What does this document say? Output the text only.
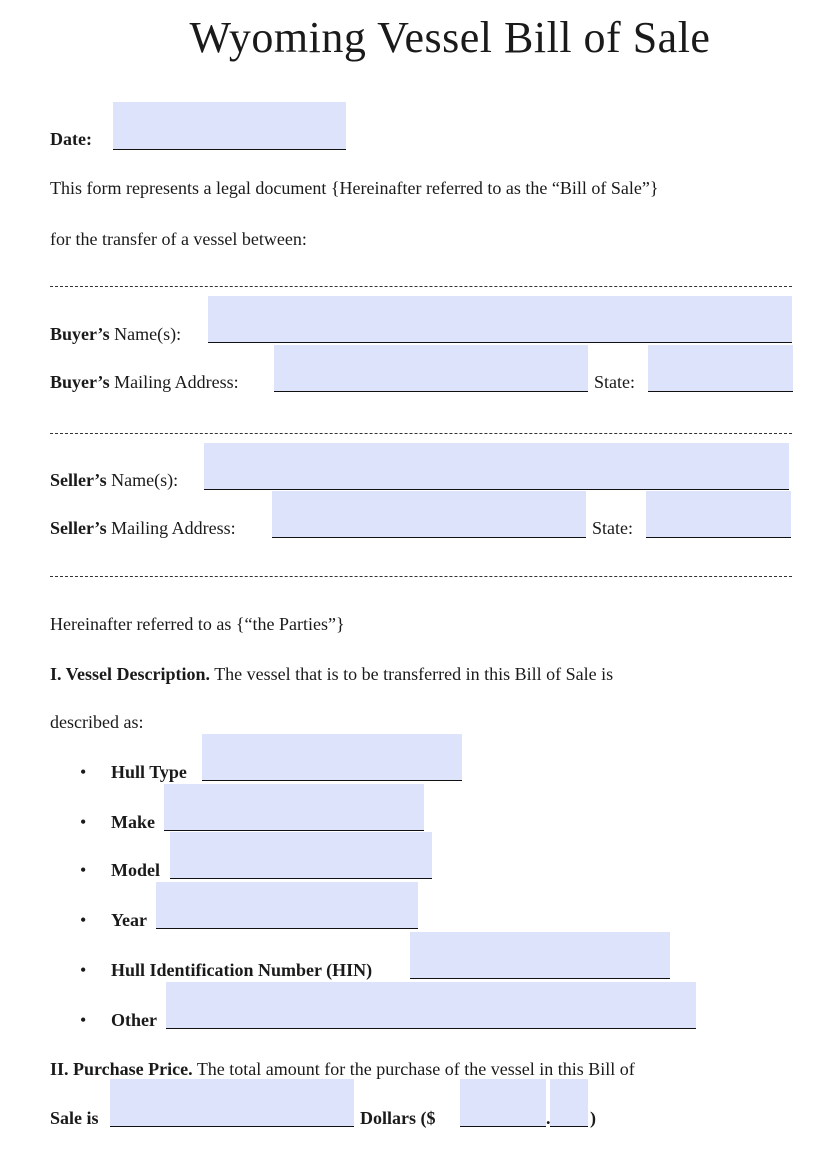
Wyoming Vessel Bill of Sale
Date:
This form represents a legal document {Hereinafter referred to as the “Bill of Sale”}
for the transfer of a vessel between:
Buyer’s Name(s):
Buyer’s Mailing Address:	State:
Seller’s Name(s):
Seller’s Mailing Address:	State:
Hereinafter referred to as {“the Parties”}
I. Vessel Description. The vessel that is to be transferred in this Bill of Sale is
described as:
• Hull Type
• Make
• Model
• Year
• Hull Identification Number (HIN)
• Other
II. Purchase Price. The total amount for the purchase of the vessel in this Bill of
Sale is	Dollars ($	. )
